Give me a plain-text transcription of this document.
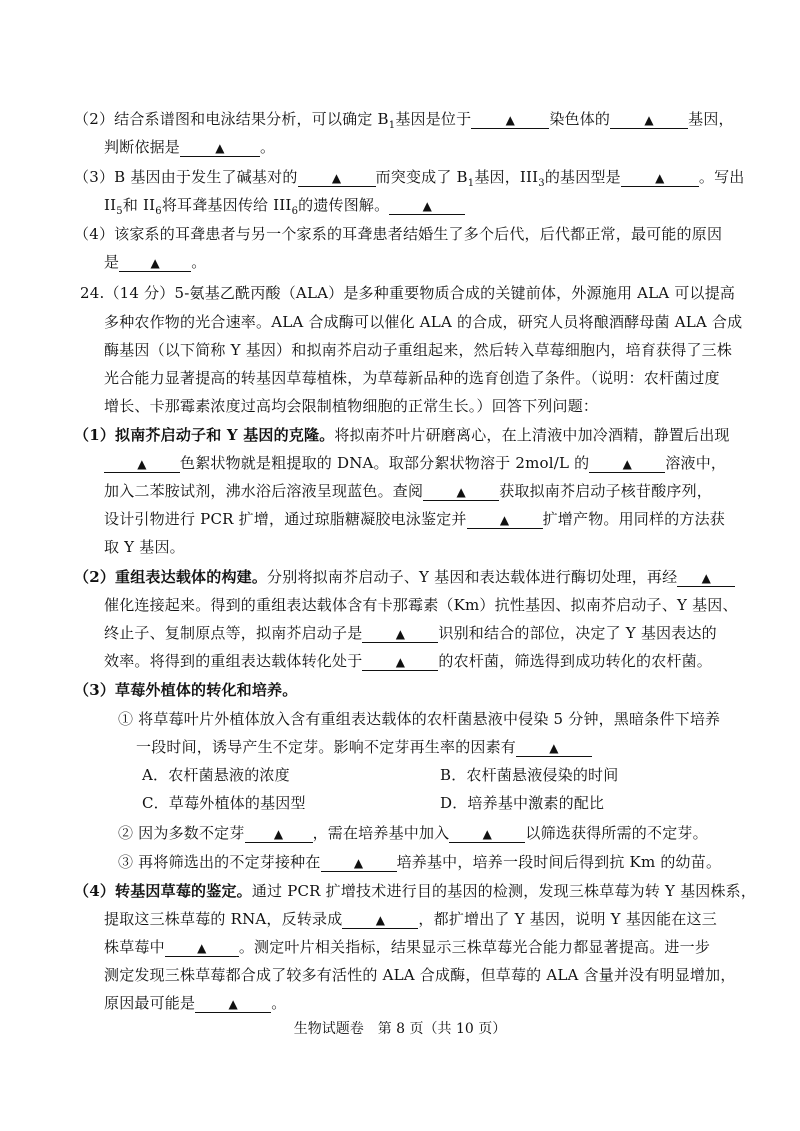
（2）结合系谱图和电泳结果分析，可以确定 $B_1$基因是位于	▲ 染色体的	▲ 基因，
判断依据是	▲ 。
（3）B 基因由于发生了碱基对的	▲ 而突变成了 $B_1$基因，$III_3$的基因型是	▲ 。写出
$II_5$和 $II_6$将耳聋基因传给 $III_6$的遗传图解。	▲
（4）该家系的耳聋患者与另一个家系的耳聋患者结婚生了多个后代，后代都正常，最可能的原因
是	▲ 。
24.（14 分）5-氨基乙酰丙酸（ALA）是多种重要物质合成的关键前体，外源施用 ALA 可以提高
多种农作物的光合速率。ALA 合成酶可以催化 ALA 的合成，研究人员将酿酒酵母菌 ALA 合成
酶基因（以下简称 Y 基因）和拟南芥启动子重组起来，然后转入草莓细胞内，培育获得了三株
光合能力显著提高的转基因草莓植株，为草莓新品种的选育创造了条件。（说明：农杆菌过度
增长、卡那霉素浓度过高均会限制植物细胞的正常生长。）回答下列问题：
（1）拟南芥启动子和 Y 基因的克隆。将拟南芥叶片研磨离心，在上清液中加冷酒精，静置后出现
▲ 色絮状物就是粗提取的 DNA。取部分絮状物溶于 2mol/L 的	▲ 溶液中，
加入二苯胺试剂，沸水浴后溶液呈现蓝色。查阅	▲ 获取拟南芥启动子核苷酸序列，
设计引物进行 PCR 扩增，通过琼脂糖凝胶电泳鉴定并	▲ 扩增产物。用同样的方法获
取 Y 基因。
（2）重组表达载体的构建。分别将拟南芥启动子、Y 基因和表达载体进行酶切处理，再经 ▲
催化连接起来。得到的重组表达载体含有卡那霉素（Km）抗性基因、拟南芥启动子、Y 基因、
终止子、复制原点等，拟南芥启动子是	▲ 识别和结合的部位，决定了 Y 基因表达的
效率。将得到的重组表达载体转化处于	▲ 的农杆菌，筛选得到成功转化的农杆菌。
（3）草莓外植体的转化和培养。
① 将草莓叶片外植体放入含有重组表达载体的农杆菌悬液中侵染 5 分钟，黑暗条件下培养
一段时间，诱导产生不定芽。影响不定芽再生率的因素有	▲
A．农杆菌悬液的浓度	B．农杆菌悬液侵染的时间
C．草莓外植体的基因型	D．培养基中激素的配比
② 因为多数不定芽 ▲ ，需在培养基中加入	▲ 以筛选获得所需的不定芽。
③ 再将筛选出的不定芽接种在	▲ 培养基中，培养一段时间后得到抗 Km 的幼苗。
（4）转基因草莓的鉴定。通过 PCR 扩增技术进行目的基因的检测，发现三株草莓为转 Y 基因株系，
提取这三株草莓的 RNA，反转录成	▲ ，都扩增出了 Y 基因，说明 Y 基因能在这三
株草莓中	▲ 。测定叶片相关指标，结果显示三株草莓光合能力都显著提高。进一步
测定发现三株草莓都合成了较多有活性的 ALA 合成酶，但草莓的 ALA 含量并没有明显增加，
原因最可能是	▲ 。
生物试题卷　第 8 页（共 10 页）
